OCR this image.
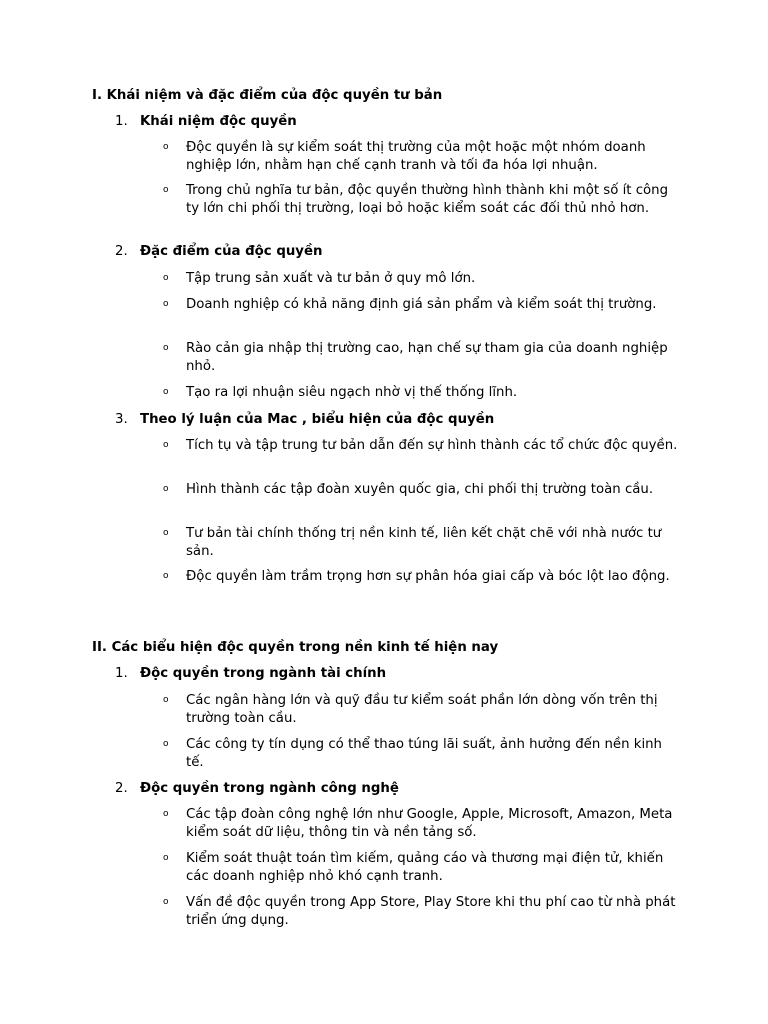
I. Khái niệm và đặc điểm của độc quyền tư bản
1. Khái niệm độc quyền
o Độc quyền là sự kiểm soát thị trường của một hoặc một nhóm doanh nghiệp lớn, nhằm hạn chế cạnh tranh và tối đa hóa lợi nhuận.
o Trong chủ nghĩa tư bản, độc quyền thường hình thành khi một số ít công ty lớn chi phối thị trường, loại bỏ hoặc kiểm soát các đối thủ nhỏ hơn.
2. Đặc điểm của độc quyền
o Tập trung sản xuất và tư bản ở quy mô lớn.
o Doanh nghiệp có khả năng định giá sản phẩm và kiểm soát thị trường.
o Rào cản gia nhập thị trường cao, hạn chế sự tham gia của doanh nghiệp nhỏ.
o Tạo ra lợi nhuận siêu ngạch nhờ vị thế thống lĩnh.
3. Theo lý luận của Mac , biểu hiện của độc quyền
o Tích tụ và tập trung tư bản dẫn đến sự hình thành các tổ chức độc quyền.
o Hình thành các tập đoàn xuyên quốc gia, chi phối thị trường toàn cầu.
o Tư bản tài chính thống trị nền kinh tế, liên kết chặt chẽ với nhà nước tư sản.
o Độc quyền làm trầm trọng hơn sự phân hóa giai cấp và bóc lột lao động.
II. Các biểu hiện độc quyền trong nền kinh tế hiện nay
1. Độc quyền trong ngành tài chính
o Các ngân hàng lớn và quỹ đầu tư kiểm soát phần lớn dòng vốn trên thị trường toàn cầu.
o Các công ty tín dụng có thể thao túng lãi suất, ảnh hưởng đến nền kinh tế.
2. Độc quyền trong ngành công nghệ
o Các tập đoàn công nghệ lớn như Google, Apple, Microsoft, Amazon, Meta kiểm soát dữ liệu, thông tin và nền tảng số.
o Kiểm soát thuật toán tìm kiếm, quảng cáo và thương mại điện tử, khiến các doanh nghiệp nhỏ khó cạnh tranh.
o Vấn đề độc quyền trong App Store, Play Store khi thu phí cao từ nhà phát triển ứng dụng.
